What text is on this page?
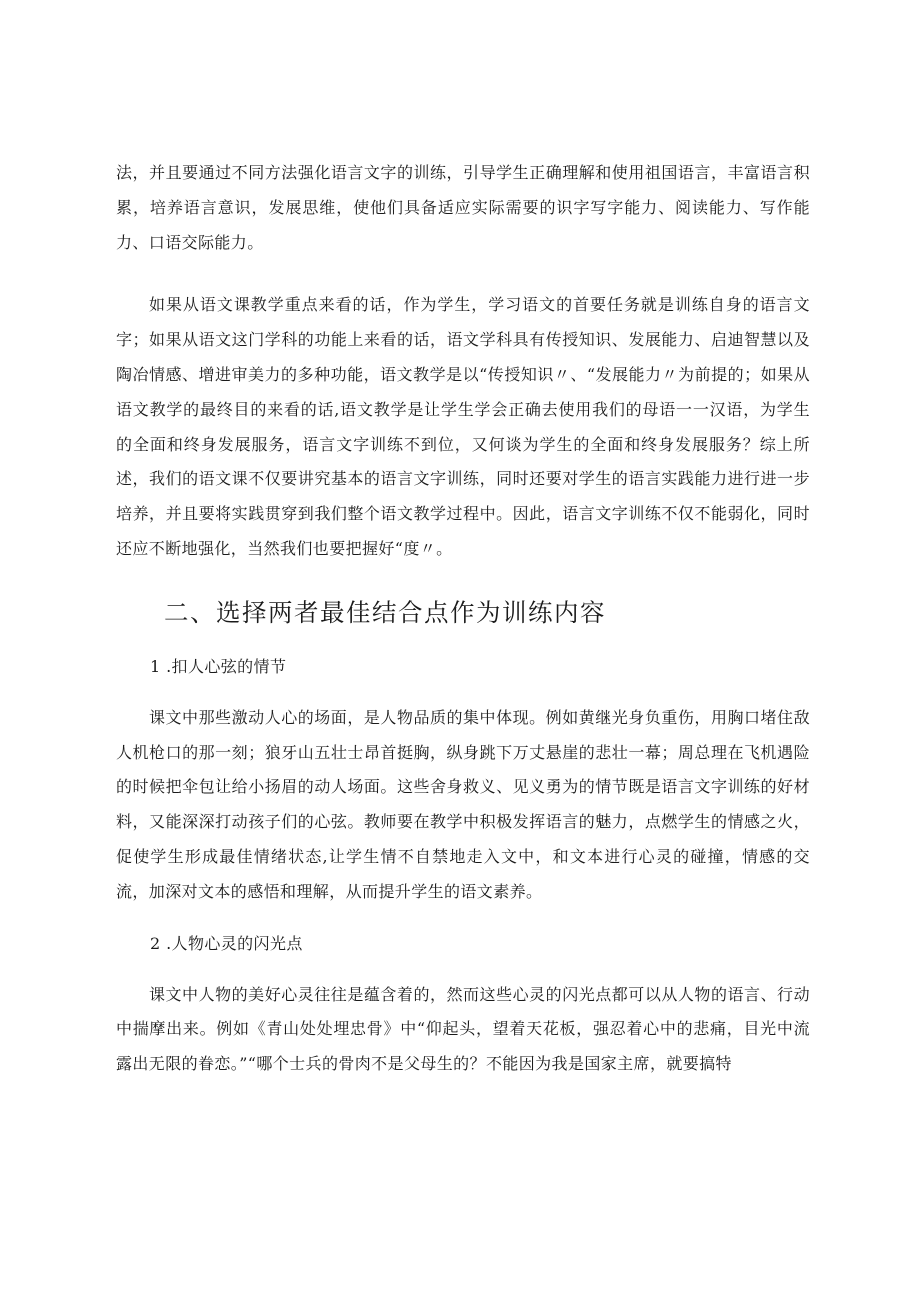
法，并且要通过不同方法强化语言文字的训练，引导学生正确理解和使用祖国语言，丰富语言积累，培养语言意识，发展思维，使他们具备适应实际需要的识字写字能力、阅读能力、写作能力、口语交际能力。

如果从语文课教学重点来看的话，作为学生，学习语文的首要任务就是训练自身的语言文字；如果从语文这门学科的功能上来看的话，语文学科具有传授知识、发展能力、启迪智慧以及陶冶情感、增进审美力的多种功能，语文教学是以“传授知识〃、“发展能力〃为前提的；如果从语文教学的最终目的来看的话,语文教学是让学生学会正确去使用我们的母语一一汉语，为学生的全面和终身发展服务，语言文字训练不到位，又何谈为学生的全面和终身发展服务？综上所述，我们的语文课不仅要讲究基本的语言文字训练，同时还要对学生的语言实践能力进行进一步培养，并且要将实践贯穿到我们整个语文教学过程中。因此，语言文字训练不仅不能弱化，同时还应不断地强化，当然我们也要把握好“度〃。

二、选择两者最佳结合点作为训练内容

1 .扣人心弦的情节

课文中那些激动人心的场面，是人物品质的集中体现。例如黄继光身负重伤，用胸口堵住敌人机枪口的那一刻；狼牙山五壮士昂首挺胸，纵身跳下万丈悬崖的悲壮一幕；周总理在飞机遇险的时候把伞包让给小扬眉的动人场面。这些舍身救义、见义勇为的情节既是语言文字训练的好材料，又能深深打动孩子们的心弦。教师要在教学中积极发挥语言的魅力，点燃学生的情感之火，促使学生形成最佳情绪状态,让学生情不自禁地走入文中，和文本进行心灵的碰撞，情感的交流，加深对文本的感悟和理解，从而提升学生的语文素养。

2 .人物心灵的闪光点

课文中人物的美好心灵往往是蕴含着的，然而这些心灵的闪光点都可以从人物的语言、行动中揣摩出来。例如《青山处处埋忠骨》中“仰起头，望着天花板，强忍着心中的悲痛，目光中流露出无限的眷恋。”“哪个士兵的骨肉不是父母生的？不能因为我是国家主席，就要搞特
